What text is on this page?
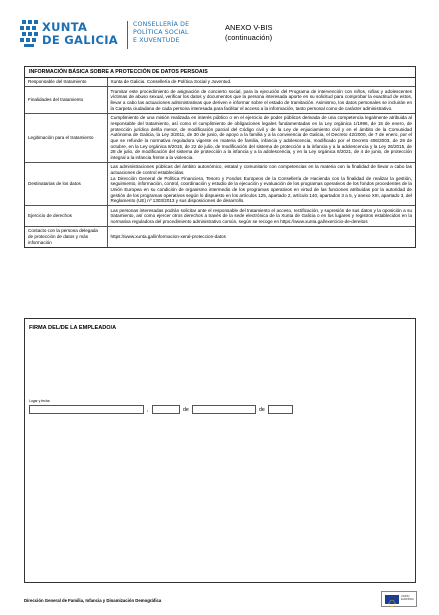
XUNTA
DE GALICIA
CONSELLERÍA DE
POLÍTICA SOCIAL
E XUVENTUDE
ANEXO V-BIS
(continuación)
INFORMACIÓN BÁSICA SOBRE A PROTECCIÓN DE DATOS PERSOAIS
Responsable del tratamiento	Xunta de Galicia. Consellería de Política Social y Juventud.

Finalidades del tratamiento	Tramitar este procedimiento de asignación de concierto social, para la ejecución del Programa de intervención con niños, niñas y adolescentes víctimas de abuso sexual, verificar los datos y documentos que la persona interesada aporte en su solicitud para comprobar la exactitud de estos, llevar a cabo las actuaciones administrativas que deriven e informar sobre el estado de tramitación. Asimismo, los datos personales se incluirán en la Carpeta ciudadana de cada persona interesada para facilitar el acceso a la información, tanto personal como de carácter administrativo.

Legitimación para el tratamiento	Cumplimiento de una misión realizada en interés público o en el ejercicio de poder públicos derivada de una competencia legalmente atribuida al responsable del tratamiento, así como el cumplimiento de obligaciones legales fundamentadas en la Ley orgánica 1/1996, de 15 de enero, de protección jurídica del/la menor, de modificación parcial del Código civil y de la Ley de enjuiciamiento civil y en el ámbito de la Comunidad Autónoma de Galicia, la Ley 3/2011, de 30 de junio, de apoyo a la familia y a la convivencia de Galicia, el Decreto 42/2000, de 7 de enero, por el que se refunde la normativa reguladora vigente en materia de familia, infancia y adolescencia, modificado por el Decreto 406/2003, de 29 de octubre, en la Ley orgánica 8/2015, de 22 de julio, de modificación del sistema de protección a la infancia y a la adolescencia y la Ley 26/2015, de 28 de julio, de modificación del sistema de protección a la infancia y a la adolescencia, y en la Ley orgánica 8/2021, de 4 de junio, de protección integral a la infancia frente a la violencia.

Destinatarias de los datos	Las administraciones públicas del ámbito autonómico, estatal y comunitario con competencias en la materia con la finalidad de llevar a cabo las actuaciones de control establecidas.

La Dirección General de Política Financiera, Tesoro y Fondos Europeos de la Consellería de Hacienda con la finalidad de realizar la gestión, seguimiento, información, control, coordinación y estudio de la ejecución y evaluación de los programas operativos de los fondos procedentes de la Unión Europea en su condición de organismo intermedio de los programas operativos en virtud de las funciones atribuidas por la autoridad de gestión de los programas operativos según lo dispuesto en los artículos 125, apartado 2, artículo 140, apartados 3 a 5, y anexo XIII, apartado 3, del Reglamento (UE) nº 1303/2013 y sus disposiciones de desarrollo.

Ejercicio de derechos	Las personas interesadas podrán solicitar ante el responsable del tratamiento el acceso, rectificación, y supresión de sus datos y la oposición a su tratamiento, así como ejercer otros derechos a través de la sede electrónica de la Xunta de Galicia o en los lugares y registros establecidos en la normativa reguladora del procedimiento administrativo común, según se recoge en https://www.xunta.gal/exercicio-de-dereitos

Contacto con la persona delegada de protección de datos y más información	https://www.xunta.gal/informacion-xeral-proteccion-datos

FIRMA DEL/DE LA EMPLEADO/A
Lugar y fecha
,	de	de
Dirección General de Familia, Infancia y Dinamización Demográfica
UNIÓN EUROPEA
